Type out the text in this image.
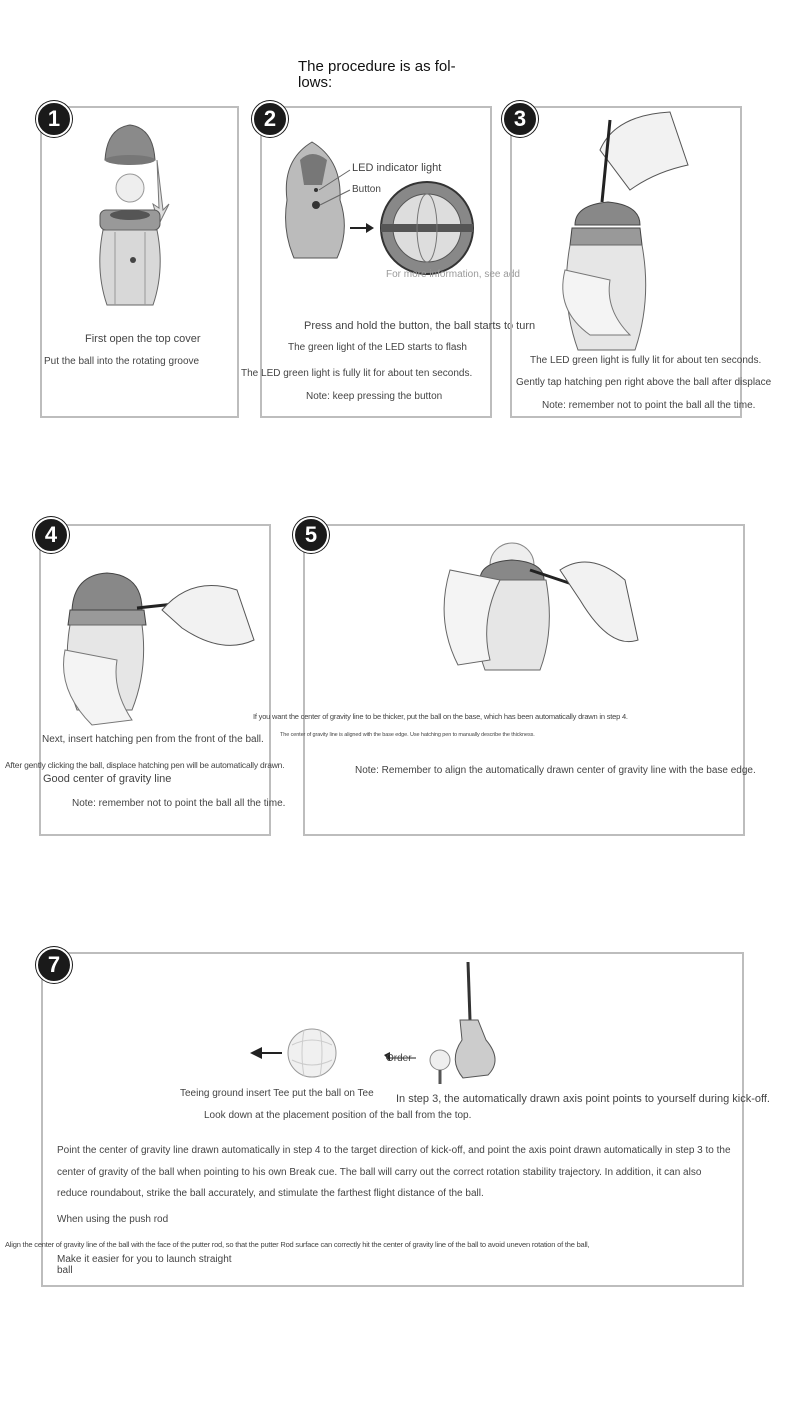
The procedure is as fol-
lows:
1
First open the top cover
Put the ball into the rotating groove
2
LED indicator light
Button
For more information, see add
Press and hold the button, the ball starts to turn
The green light of the LED starts to flash
The LED green light is fully lit for about ten seconds.
Note: keep pressing the button
3
The LED green light is fully lit for about ten seconds.
Gently tap hatching pen right above the ball after displace
Note: remember not to point the ball all the time.
4
Next, insert hatching pen from the front of the ball.
After gently clicking the ball, displace hatching pen will be automatically drawn.
Good center of gravity line
Note: remember not to point the ball all the time.
5
If you want the center of gravity line to be thicker, put the ball on the base, which has been automatically drawn in step 4.
The center of gravity line is aligned with the base edge. Use hatching pen to manually describe the thickness.
Note: Remember to align the automatically drawn center of gravity line with the base edge.
7
Order
Teeing ground insert Tee put the ball on Tee In step 3, the automatically drawn axis point points to yourself during kick-off.
Look down at the placement position of the ball from the top.
Point the center of gravity line drawn automatically in step 4 to the target direction of kick-off, and point the axis point drawn automatically in step 3 to the center of gravity of the ball when pointing to his own Break cue. The ball will carry out the correct rotation stability trajectory. In addition, it can also reduce roundabout, strike the ball accurately, and stimulate the farthest flight distance of the ball.
When using the push rod
Align the center of gravity line of the ball with the face of the putter rod, so that the putter Rod surface can correctly hit the center of gravity line of the ball to avoid uneven rotation of the ball,
Make it easier for you to launch straight
ball
